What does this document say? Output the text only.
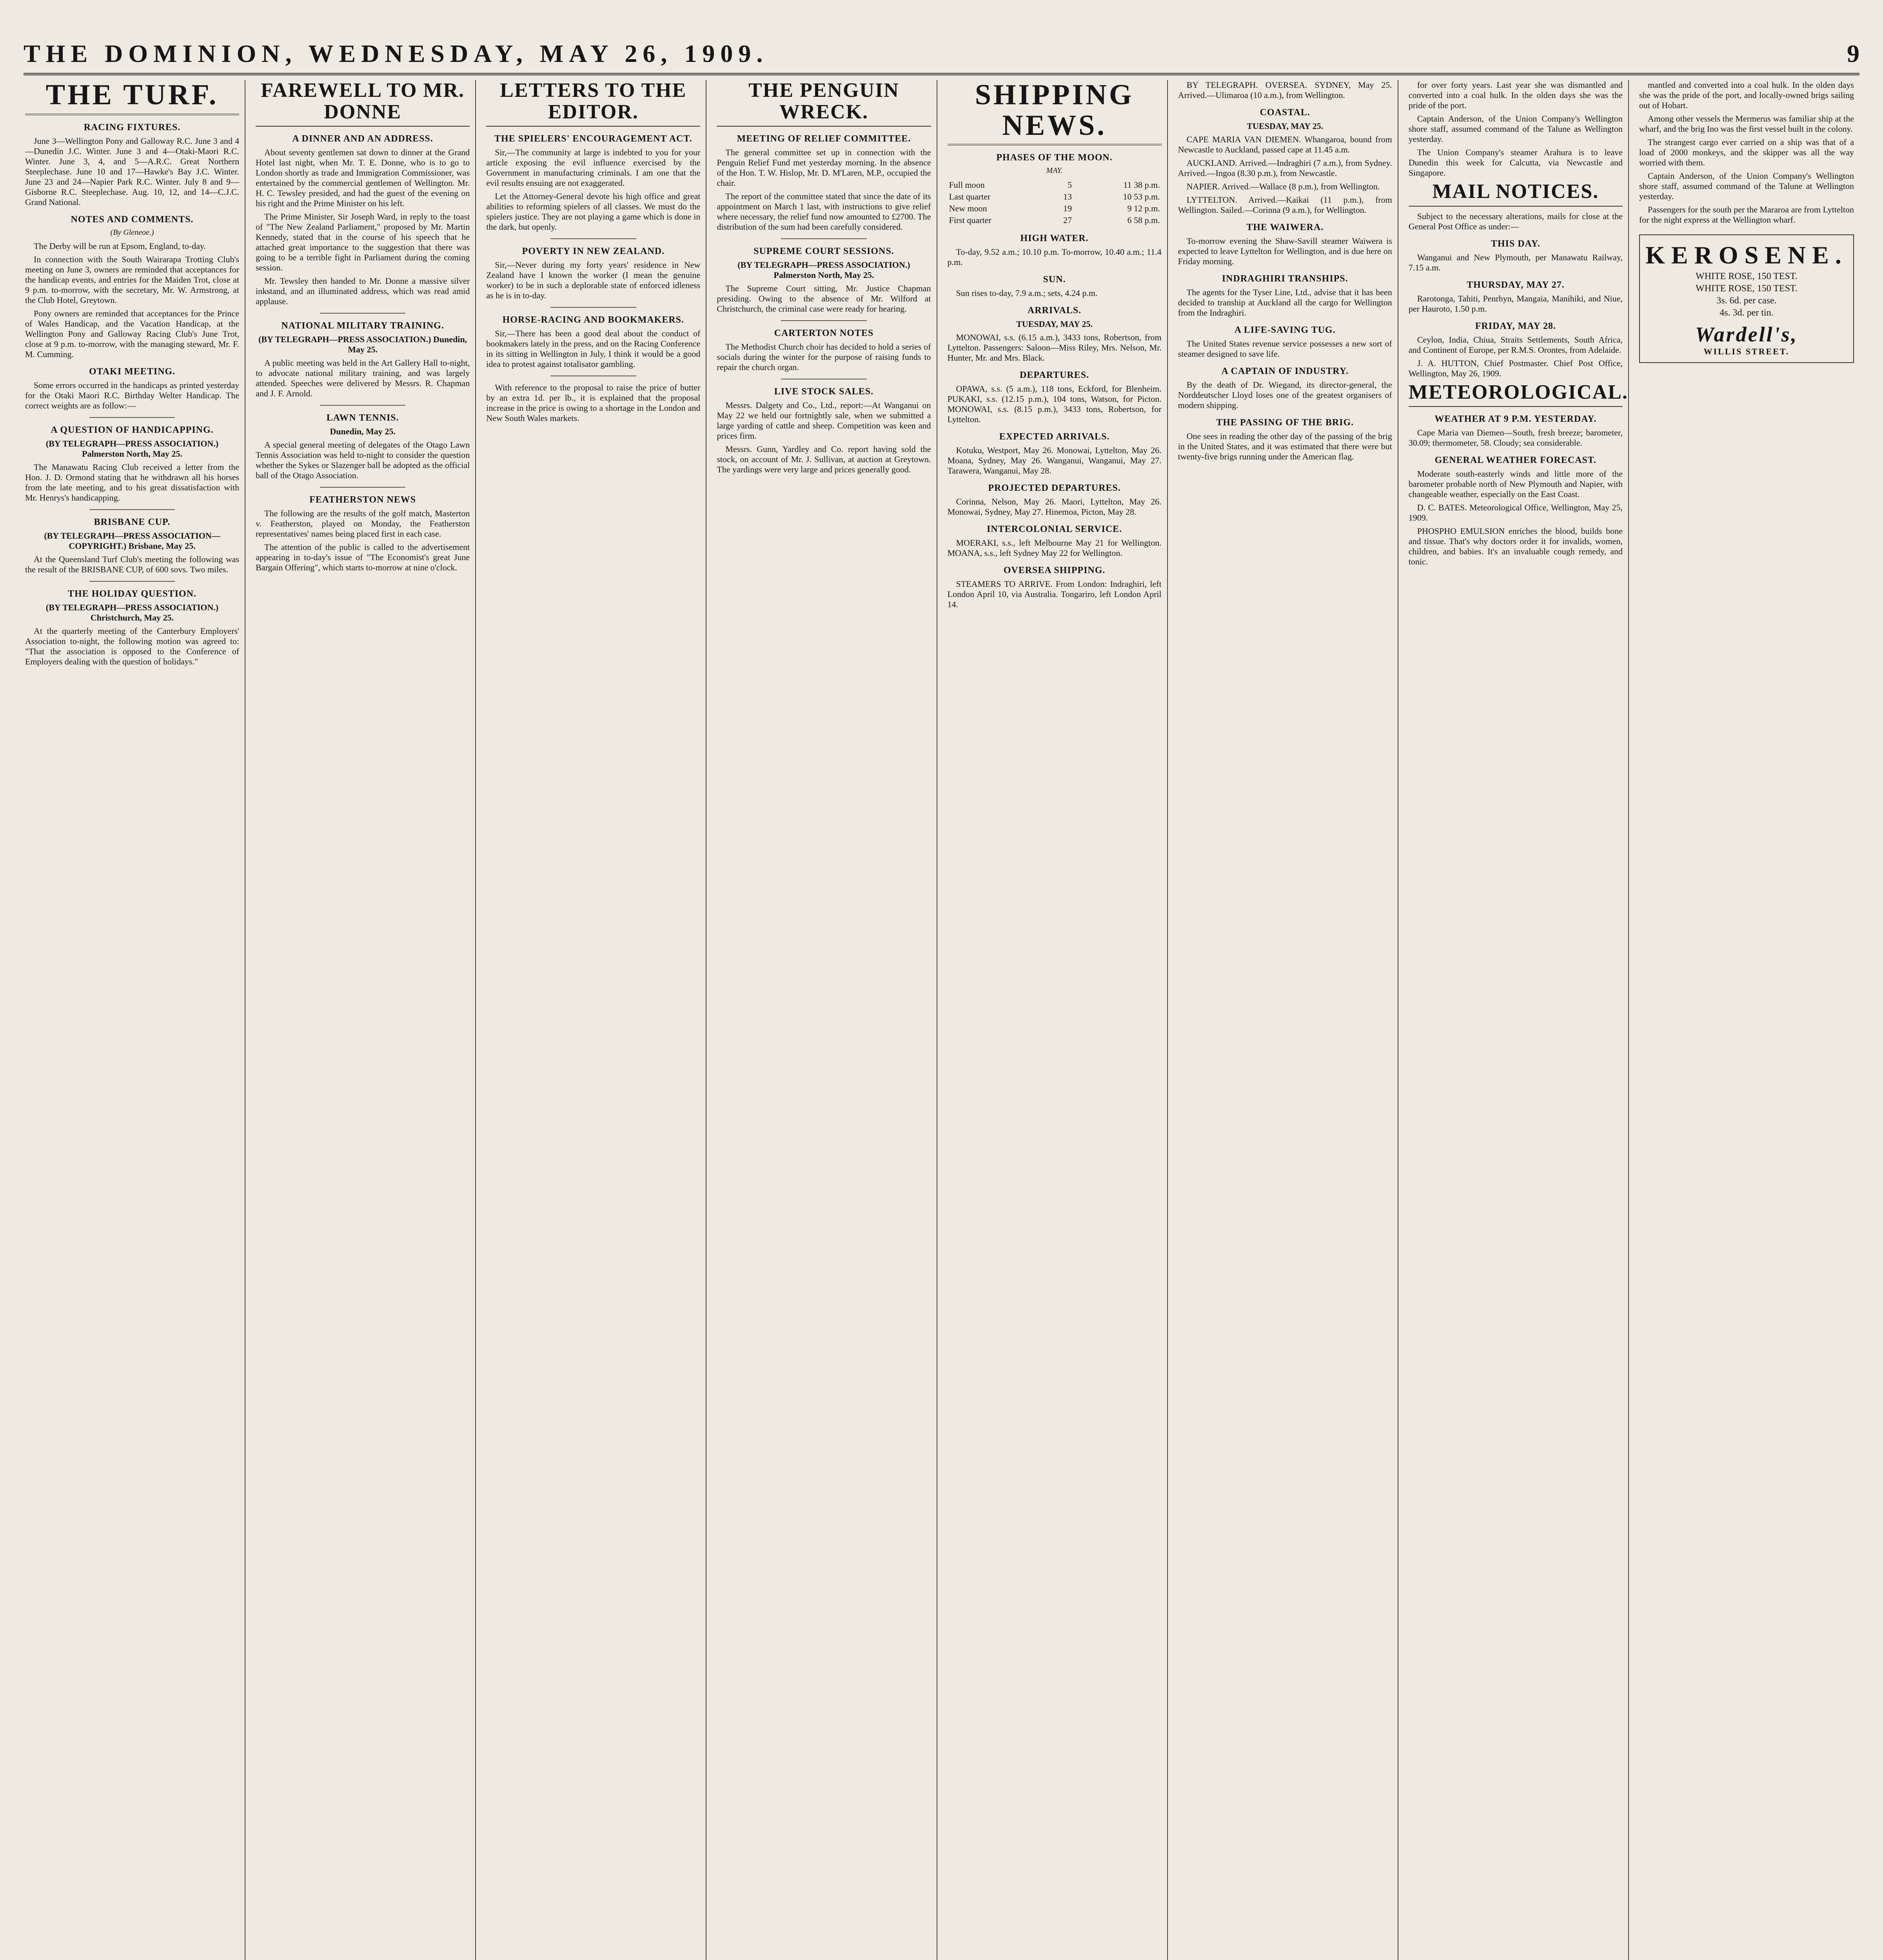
THE DOMINION, WEDNESDAY, MAY 26, 1909.	9
THE TURF.
RACING FIXTURES.

June 3—Wellington Pony and Galloway R.C. June 3 and 4—Dunedin J.C. Winter. June 3 and 4—Otaki-Maori R.C. Winter. June 3, 4, and 5—A.R.C. Great Northern Steeplechase. June 10 and 17—Hawke's Bay J.C. Winter. June 23 and 24—Napier Park R.C. Winter. July 8 and 9—Gisborne R.C. Steeplechase. Aug. 10, 12, and 14—C.J.C. Grand National.

NOTES AND COMMENTS.
(By Gleneoe.)

The Derby will be run at Epsom, England, to-day.

In connection with the South Wairarapa Trotting Club's meeting on June 3, owners are reminded that acceptances for the handicap events, and entries for the Maiden Trot, close at 9 p.m. to-morrow, with the secretary, Mr. W. Armstrong, at the Club Hotel, Greytown.

Pony owners are reminded that acceptances for the Prince of Wales Handicap, and the Vacation Handicap, at the Wellington Pony and Galloway Racing Club's June Trot, close at 9 p.m. to-morrow, with the managing steward, Mr. F. M. Cumming.

OTAKI MEETING.

Some errors occurred in the handicaps as printed yesterday for the Otaki Maori R.C. Birthday Welter Handicap. The correct weights are as follow:—

A QUESTION OF HANDICAPPING.
(BY TELEGRAPH—PRESS ASSOCIATION.) Palmerston North, May 25.

The Manawatu Racing Club received a letter from the Hon. J. D. Ormond stating that he withdrawn all his horses from the late meeting, and to his great dissatisfaction with Mr. Henrys's handicapping.

BRISBANE CUP.
(BY TELEGRAPH—PRESS ASSOCIATION—COPYRIGHT.) Brisbane, May 25.

At the Queensland Turf Club's meeting the following was the result of the BRISBANE CUP, of 600 sovs. Two miles.

THE HOLIDAY QUESTION.
(BY TELEGRAPH—PRESS ASSOCIATION.) Christchurch, May 25.

At the quarterly meeting of the Canterbury Employers' Association to-night, the following motion was agreed to: "That the association is opposed to the Conference of Employers dealing with the question of holidays."

FAREWELL TO MR. DONNE
A DINNER AND AN ADDRESS.

About seventy gentlemen sat down to dinner at the Grand Hotel last night, when Mr. T. E. Donne, who is to go to London shortly as trade and Immigration Commissioner, was entertained by the commercial gentlemen of Wellington. Mr. H. C. Tewsley presided, and had the guest of the evening on his right and the Prime Minister on his left.

The Prime Minister, Sir Joseph Ward, in reply to the toast of "The New Zealand Parliament," proposed by Mr. Martin Kennedy, stated that in the course of his speech that he attached great importance to the suggestion that there was going to be a terrible fight in Parliament during the coming session.

Mr. Tewsley then handed to Mr. Donne a massive silver inkstand, and an illuminated address, which was read amid applause.

NATIONAL MILITARY TRAINING.
(BY TELEGRAPH—PRESS ASSOCIATION.) Dunedin, May 25.

A public meeting was held in the Art Gallery Hall to-night, to advocate national military training, and was largely attended. Speeches were delivered by Messrs. R. Chapman and J. F. Arnold.

LAWN TENNIS.
Dunedin, May 25.

A special general meeting of delegates of the Otago Lawn Tennis Association was held to-night to consider the question whether the Sykes or Slazenger ball be adopted as the official ball of the Otago Association.

FEATHERSTON NEWS

The following are the results of the golf match, Masterton v. Featherston, played on Monday, the Featherston representatives' names being placed first in each case.

The attention of the public is called to the advertisement appearing in to-day's issue of "The Economist's great June Bargain Offering", which starts to-morrow at nine o'clock.

LETTERS TO THE EDITOR.
THE SPIELERS' ENCOURAGEMENT ACT.

Sir,—The community at large is indebted to you for your article exposing the evil influence exercised by the Government in manufacturing criminals. I am one that the evil results ensuing are not exaggerated.

Let the Attorney-General devote his high office and great abilities to reforming spielers of all classes. We must do the spielers justice. They are not playing a game which is done in the dark, but openly.

POVERTY IN NEW ZEALAND.

Sir,—Never during my forty years' residence in New Zealand have I known the worker (I mean the genuine worker) to be in such a deplorable state of enforced idleness as he is in to-day.

HORSE-RACING AND BOOKMAKERS.

Sir,—There has been a good deal about the conduct of bookmakers lately in the press, and on the Racing Conference in its sitting in Wellington in July, I think it would be a good idea to protest against totalisator gambling.

With reference to the proposal to raise the price of butter by an extra 1d. per lb., it is explained that the proposal increase in the price is owing to a shortage in the London and New South Wales markets.

THE PENGUIN WRECK.
MEETING OF RELIEF COMMITTEE.

The general committee set up in connection with the Penguin Relief Fund met yesterday morning. In the absence of the Hon. T. W. Hislop, Mr. D. M'Laren, M.P., occupied the chair.

The report of the committee stated that since the date of its appointment on March 1 last, with instructions to give relief where necessary, the relief fund now amounted to £2700. The distribution of the sum had been carefully considered.

SUPREME COURT SESSIONS.
(BY TELEGRAPH—PRESS ASSOCIATION.) Palmerston North, May 25.

The Supreme Court sitting, Mr. Justice Chapman presiding. Owing to the absence of Mr. Wilford at Christchurch, the criminal case were ready for hearing.

CARTERTON NOTES

The Methodist Church choir has decided to hold a series of socials during the winter for the purpose of raising funds to repair the church organ.

LIVE STOCK SALES.

Messrs. Dalgety and Co., Ltd., report:—At Wanganui on May 22 we held our fortnightly sale, when we submitted a large yarding of cattle and sheep. Competition was keen and prices firm.

Messrs. Gunn, Yardley and Co. report having sold the stock, on account of Mr. J. Sullivan, at auction at Greytown. The yardings were very large and prices generally good.

SHIPPING NEWS.
PHASES OF THE MOON.
MAY.
Full moon	5	11 38 p.m.
Last quarter	13	10 53 p.m.
New moon	19	9 12 p.m.
First quarter	27	6 58 p.m.
HIGH WATER.

To-day, 9.52 a.m.; 10.10 p.m. To-morrow, 10.40 a.m.; 11.4 p.m.

SUN.

Sun rises to-day, 7.9 a.m.; sets, 4.24 p.m.

ARRIVALS.
TUESDAY, MAY 25.

MONOWAI, s.s. (6.15 a.m.), 3433 tons, Robertson, from Lyttelton. Passengers: Saloon—Miss Riley, Mrs. Nelson, Mr. Hunter, Mr. and Mrs. Black.

DEPARTURES.

OPAWA, s.s. (5 a.m.), 118 tons, Eckford, for Blenheim. PUKAKI, s.s. (12.15 p.m.), 104 tons, Watson, for Picton. MONOWAI, s.s. (8.15 p.m.), 3433 tons, Robertson, for Lyttelton.

EXPECTED ARRIVALS.

Kotuku, Westport, May 26. Monowai, Lyttelton, May 26. Moana, Sydney, May 26. Wanganui, Wanganui, May 27. Tarawera, Wanganui, May 28.

PROJECTED DEPARTURES.

Corinna, Nelson, May 26. Maori, Lyttelton, May 26. Monowai, Sydney, May 27. Hinemoa, Picton, May 28.

INTERCOLONIAL SERVICE.

MOERAKI, s.s., left Melbourne May 21 for Wellington. MOANA, s.s., left Sydney May 22 for Wellington.

OVERSEA SHIPPING.

STEAMERS TO ARRIVE. From London: Indraghiri, left London April 10, via Australia. Tongariro, left London April 14.

BY TELEGRAPH. OVERSEA. SYDNEY, May 25. Arrived.—Ulimaroa (10 a.m.), from Wellington.

COASTAL.
TUESDAY, MAY 25.

CAPE MARIA VAN DIEMEN. Whangaroa, bound from Newcastle to Auckland, passed cape at 11.45 a.m.

AUCKLAND. Arrived.—Indraghiri (7 a.m.), from Sydney. Arrived.—Ingoa (8.30 p.m.), from Newcastle.

NAPIER. Arrived.—Wallace (8 p.m.), from Wellington.

LYTTELTON. Arrived.—Kaikai (11 p.m.), from Wellington. Sailed.—Corinna (9 a.m.), for Wellington.

THE WAIWERA.

To-morrow evening the Shaw-Savill steamer Waiwera is expected to leave Lyttelton for Wellington, and is due here on Friday morning.

INDRAGHIRI TRANSHIPS.

The agents for the Tyser Line, Ltd., advise that it has been decided to tranship at Auckland all the cargo for Wellington from the Indraghiri.

A LIFE-SAVING TUG.

The United States revenue service possesses a new sort of steamer designed to save life.

A CAPTAIN OF INDUSTRY.

By the death of Dr. Wiegand, its director-general, the Norddeutscher Lloyd loses one of the greatest organisers of modern shipping.

THE PASSING OF THE BRIG.

One sees in reading the other day of the passing of the brig in the United States, and it was estimated that there were but twenty-five brigs running under the American flag.

for over forty years. Last year she was dismantled and converted into a coal hulk. In the olden days she was the pride of the port.

Captain Anderson, of the Union Company's Wellington shore staff, assumed command of the Talune as Wellington yesterday.

The Union Company's steamer Arahura is to leave Dunedin this week for Calcutta, via Newcastle and Singapore.

MAIL NOTICES.

Subject to the necessary alterations, mails for close at the General Post Office as under:—

THIS DAY.

Wanganui and New Plymouth, per Manawatu Railway, 7.15 a.m.

THURSDAY, MAY 27.

Rarotonga, Tahiti, Penrhyn, Mangaia, Manihiki, and Niue, per Hauroto, 1.50 p.m.

FRIDAY, MAY 28.

Ceylon, India, Chiua, Straits Settlements, South Africa, and Continent of Europe, per R.M.S. Orontes, from Adelaide.

J. A. HUTTON, Chief Postmaster. Chief Post Office, Wellington, May 26, 1909.

METEOROLOGICAL.
WEATHER AT 9 P.M. YESTERDAY.

Cape Maria van Diemen—South, fresh breeze; barometer, 30.09; thermometer, 58. Cloudy; sea considerable.

GENERAL WEATHER FORECAST.

Moderate south-easterly winds and little more of the barometer probable north of New Plymouth and Napier, with changeable weather, especially on the East Coast.

D. C. BATES. Meteorological Office, Wellington, May 25, 1909.

PHOSPHO EMULSION enriches the blood, builds bone and tissue. That's why doctors order it for invalids, women, children, and babies. It's an invaluable cough remedy, and tonic.

mantled and converted into a coal hulk. In the olden days she was the pride of the port, and locally-owned brigs sailing out of Hobart.

Among other vessels the Mermerus was familiar ship at the wharf, and the brig Ino was the first vessel built in the colony.

The strangest cargo ever carried on a ship was that of a load of 2000 monkeys, and the skipper was all the way worried with them.

Captain Anderson, of the Union Company's Wellington shore staff, assumed command of the Talune at Wellington yesterday.

Passengers for the south per the Mararoa are from Lyttelton for the night express at the Wellington wharf.

KEROSENE.
WHITE ROSE, 150 TEST.
WHITE ROSE, 150 TEST.
3s. 6d. per case.
4s. 3d. per tin.
Wardell's,
WILLIS STREET.
